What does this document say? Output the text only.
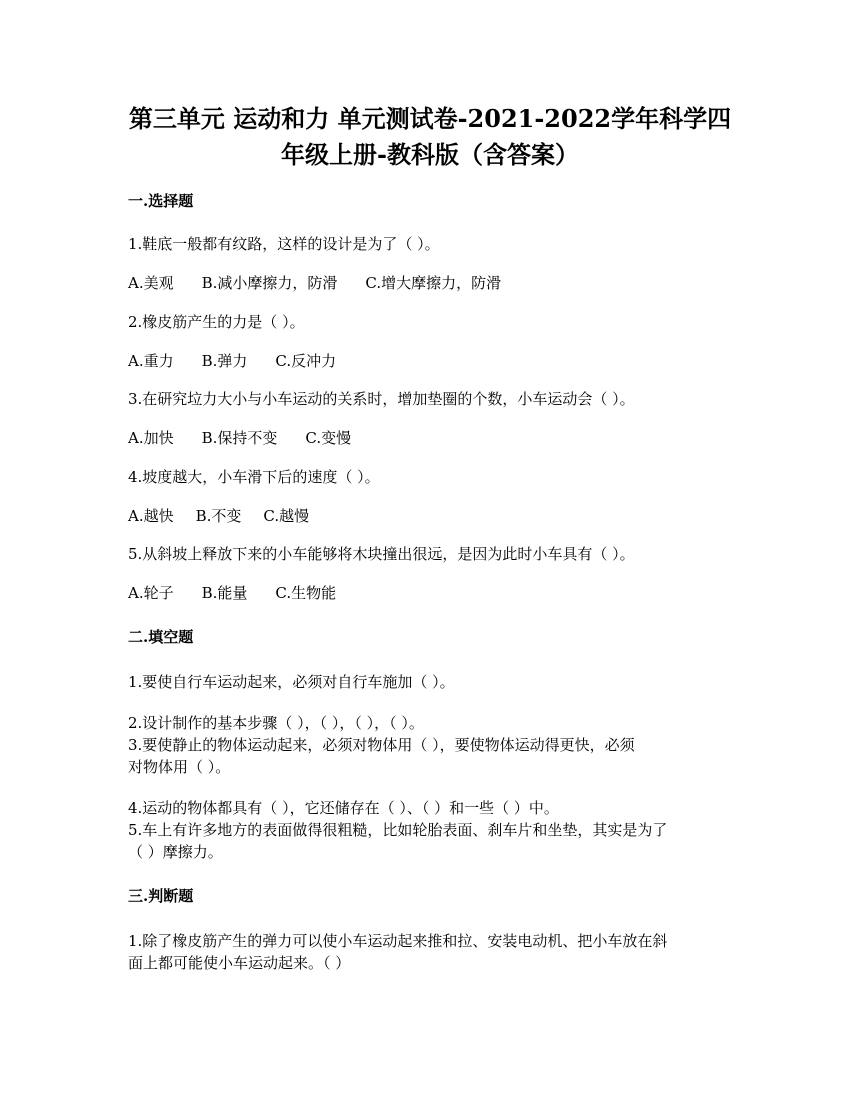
第三单元 运动和力 单元测试卷-2021-2022学年科学四
年级上册-教科版（含答案）
一.选择题
1.鞋底一般都有纹路，这样的设计是为了（ ）。
A.美观 B.减小摩擦力，防滑 C.增大摩擦力，防滑
2.橡皮筋产生的力是（ ）。
A.重力 B.弹力 C.反冲力
3.在研究垃力大小与小车运动的关系时，增加垫圈的个数，小车运动会（ ）。
A.加快 B.保持不变 C.变慢
4.坡度越大，小车滑下后的速度（ ）。
A.越快 B.不变 C.越慢
5.从斜坡上释放下来的小车能够将木块撞出很远，是因为此时小车具有（ ）。
A.轮子 B.能量 C.生物能
二.填空题
1.要使自行车运动起来，必须对自行车施加（ ）。
2.设计制作的基本步骤（ ），（ ），（ ），（ ）。
3.要使静止的物体运动起来，必须对物体用（ ），要使物体运动得更快，必须
对物体用（ ）。
4.运动的物体都具有（ ），它还储存在（ ）、（ ）和一些（ ）中。
5.车上有许多地方的表面做得很粗糙，比如轮胎表面、刹车片和坐垫，其实是为了
（ ）摩擦力。
三.判断题
1.除了橡皮筋产生的弹力可以使小车运动起来推和拉、安装电动机、把小车放在斜
面上都可能使小车运动起来。（ ）
